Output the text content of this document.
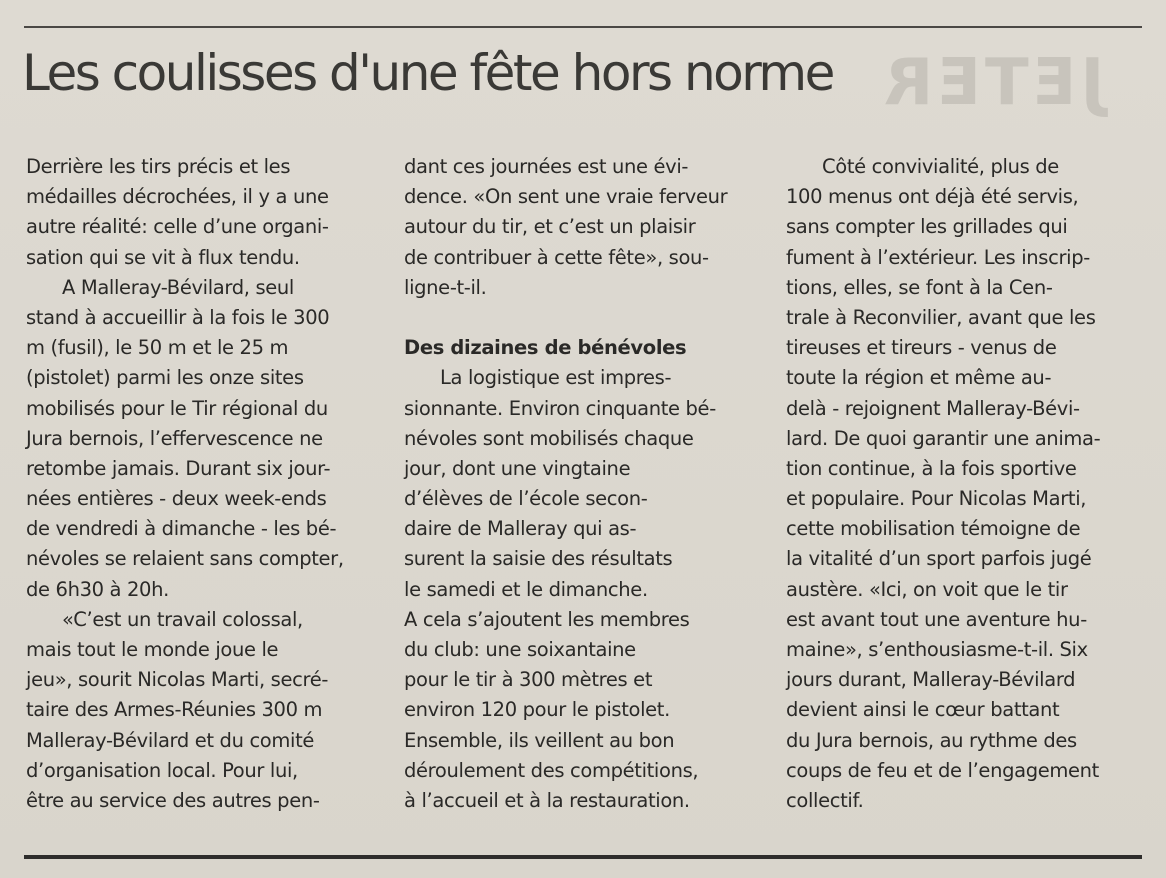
JETER
Les coulisses d'une fête hors norme
Derrière les tirs précis et les
médailles décrochées, il y a une
autre réalité: celle d’une organi-
sation qui se vit à flux tendu.
A Malleray-Bévilard, seul
stand à accueillir à la fois le 300
m (fusil), le 50 m et le 25 m
(pistolet) parmi les onze sites
mobilisés pour le Tir régional du
Jura bernois, l’effervescence ne
retombe jamais. Durant six jour-
nées entières - deux week-ends
de vendredi à dimanche - les bé-
névoles se relaient sans compter,
de 6h30 à 20h.
«C’est un travail colossal,
mais tout le monde joue le
jeu», sourit Nicolas Marti, secré-
taire des Armes-Réunies 300 m
Malleray-Bévilard et du comité
d’organisation local. Pour lui,
être au service des autres pen-
dant ces journées est une évi-
dence. «On sent une vraie ferveur
autour du tir, et c’est un plaisir
de contribuer à cette fête», sou-
ligne-t-il.
Des dizaines de bénévoles
La logistique est impres-
sionnante. Environ cinquante bé-
névoles sont mobilisés chaque
jour, dont une vingtaine
d’élèves de l’école secon-
daire de Malleray qui as-
surent la saisie des résultats
le samedi et le dimanche.
A cela s’ajoutent les membres
du club: une soixantaine
pour le tir à 300 mètres et
environ 120 pour le pistolet.
Ensemble, ils veillent au bon
déroulement des compétitions,
à l’accueil et à la restauration.
Côté convivialité, plus de
100 menus ont déjà été servis,
sans compter les grillades qui
fument à l’extérieur. Les inscrip-
tions, elles, se font à la Cen-
trale à Reconvilier, avant que les
tireuses et tireurs - venus de
toute la région et même au-
delà - rejoignent Malleray-Bévi-
lard. De quoi garantir une anima-
tion continue, à la fois sportive
et populaire. Pour Nicolas Marti,
cette mobilisation témoigne de
la vitalité d’un sport parfois jugé
austère. «Ici, on voit que le tir
est avant tout une aventure hu-
maine», s’enthousiasme-t-il. Six
jours durant, Malleray-Bévilard
devient ainsi le cœur battant
du Jura bernois, au rythme des
coups de feu et de l’engagement
collectif.
